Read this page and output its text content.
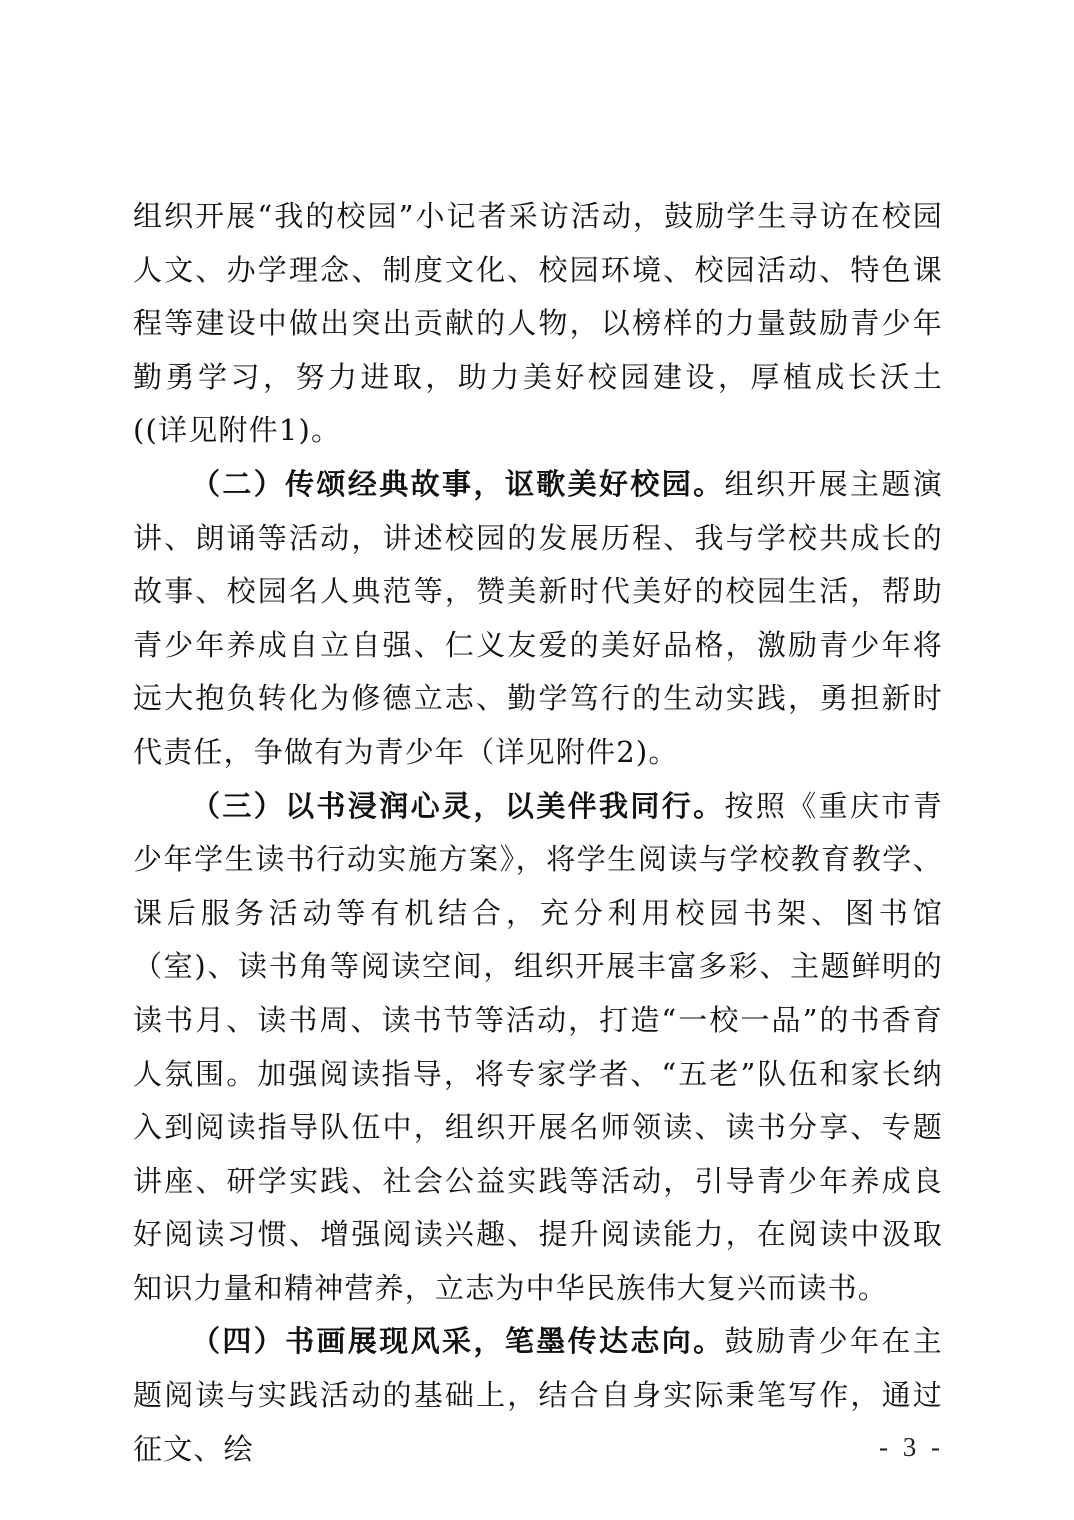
组织开展“我的校园”小记者采访活动，鼓励学生寻访在校园人文、办学理念、制度文化、校园环境、校园活动、特色课程等建设中做出突出贡献的人物，以榜样的力量鼓励青少年勤勇学习，努力进取，助力美好校园建设，厚植成长沃土((详见附件1)。

（二）传颂经典故事，讴歌美好校园。组织开展主题演讲、朗诵等活动，讲述校园的发展历程、我与学校共成长的故事、校园名人典范等，赞美新时代美好的校园生活，帮助青少年养成自立自强、仁义友爱的美好品格，激励青少年将远大抱负转化为修德立志、勤学笃行的生动实践，勇担新时代责任，争做有为青少年（详见附件2)。

（三）以书浸润心灵，以美伴我同行。按照《重庆市青少年学生读书行动实施方案》，将学生阅读与学校教育教学、课后服务活动等有机结合，充分利用校园书架、图书馆（室)、读书角等阅读空间，组织开展丰富多彩、主题鲜明的读书月、读书周、读书节等活动，打造“一校一品”的书香育人氛围。加强阅读指导，将专家学者、“五老”队伍和家长纳入到阅读指导队伍中，组织开展名师领读、读书分享、专题讲座、研学实践、社会公益实践等活动，引导青少年养成良好阅读习惯、增强阅读兴趣、提升阅读能力，在阅读中汲取知识力量和精神营养，立志为中华民族伟大复兴而读书。

（四）书画展现风采，笔墨传达志向。鼓励青少年在主题阅读与实践活动的基础上，结合自身实际秉笔写作，通过征文、绘	- 3 -
